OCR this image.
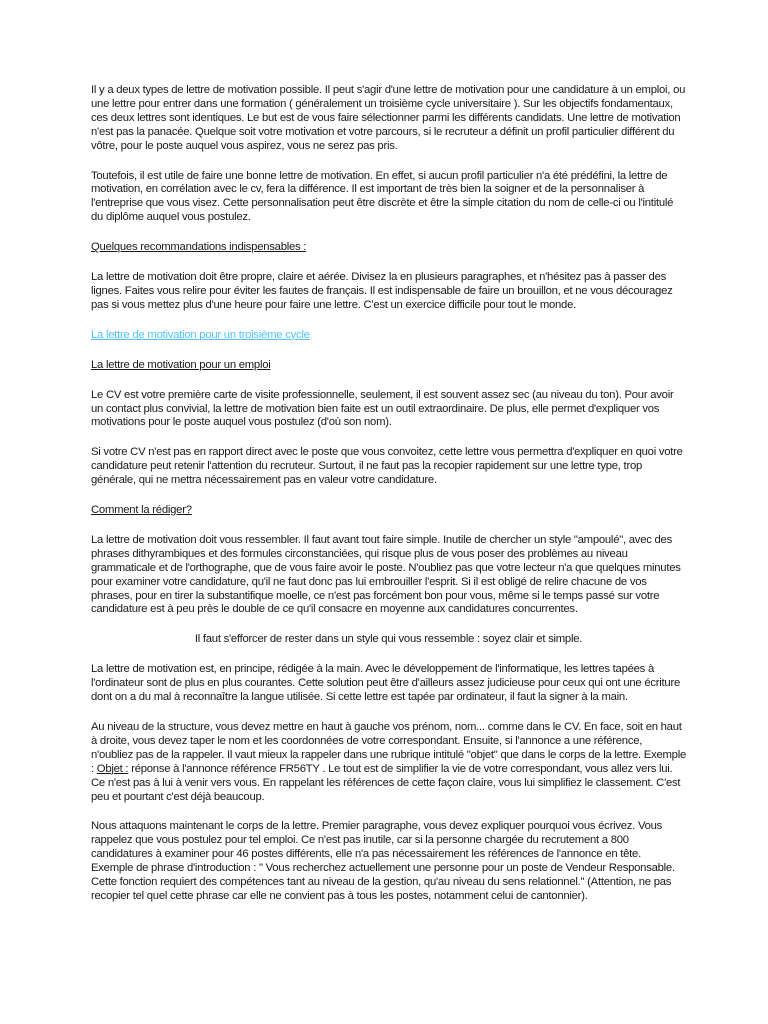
Il y a deux types de lettre de motivation possible. Il peut s'agir d'une lettre de motivation pour une candidature à un emploi, ou une lettre pour entrer dans une formation ( généralement un troisième cycle universitaire ). Sur les objectifs fondamentaux, ces deux lettres sont identiques. Le but est de vous faire sélectionner parmi les différents candidats. Une lettre de motivation n'est pas la panacée. Quelque soit votre motivation et votre parcours, si le recruteur a définit un profil particulier différent du vôtre, pour le poste auquel vous aspirez, vous ne serez pas pris.

Toutefois, il est utile de faire une bonne lettre de motivation. En effet, si aucun profil particulier n'a été prédéfini, la lettre de motivation, en corrélation avec le cv, fera la différence. Il est important de très bien la soigner et de la personnaliser à l'entreprise que vous visez. Cette personnalisation peut être discrète et être la simple citation du nom de celle-ci ou l'intitulé du diplôme auquel vous postulez.

Quelques recommandations indispensables :

La lettre de motivation doit être propre, claire et aérée. Divisez la en plusieurs paragraphes, et n'hésitez pas à passer des lignes. Faites vous relire pour éviter les fautes de français. Il est indispensable de faire un brouillon, et ne vous découragez pas si vous mettez plus d'une heure pour faire une lettre. C'est un exercice difficile pour tout le monde.

La lettre de motivation pour un troisième cycle

La lettre de motivation pour un emploi

Le CV est votre première carte de visite professionnelle, seulement, il est souvent assez sec (au niveau du ton). Pour avoir un contact plus convivial, la lettre de motivation bien faite est un outil extraordinaire. De plus, elle permet d'expliquer vos motivations pour le poste auquel vous postulez (d'où son nom).

Si votre CV n'est pas en rapport direct avec le poste que vous convoitez, cette lettre vous permettra d'expliquer en quoi votre candidature peut retenir l'attention du recruteur. Surtout, il ne faut pas la recopier rapidement sur une lettre type, trop générale, qui ne mettra nécessairement pas en valeur votre candidature.

Comment la rédiger?

La lettre de motivation doit vous ressembler. Il faut avant tout faire simple. Inutile de chercher un style "ampoulé", avec des phrases dithyrambiques et des formules circonstanciées, qui risque plus de vous poser des problèmes au niveau grammaticale et de l'orthographe, que de vous faire avoir le poste. N'oubliez pas que votre lecteur n'a que quelques minutes pour examiner votre candidature, qu'il ne faut donc pas lui embrouiller l'esprit. Si il est obligé de relire chacune de vos phrases, pour en tirer la substantifique moelle, ce n'est pas forcément bon pour vous, même si le temps passé sur votre candidature est à peu près le double de ce qu'il consacre en moyenne aux candidatures concurrentes.

Il faut s'efforcer de rester dans un style qui vous ressemble : soyez clair et simple.

La lettre de motivation est, en principe, rédigée à la main. Avec le développement de l'informatique, les lettres tapées à l'ordinateur sont de plus en plus courantes. Cette solution peut être d'ailleurs assez judicieuse pour ceux qui ont une écriture dont on a du mal à reconnaître la langue utilisée. Si cette lettre est tapée par ordinateur, il faut la signer à la main.

Au niveau de la structure, vous devez mettre en haut à gauche vos prénom, nom... comme dans le CV. En face, soit en haut à droite, vous devez taper le nom et les coordonnées de votre correspondant. Ensuite, si l'annonce a une référence, n'oubliez pas de la rappeler. Il vaut mieux la rappeler dans une rubrique intitulé "objet" que dans le corps de la lettre. Exemple : Objet : réponse à l'annonce référence FR56TY . Le tout est de simplifier la vie de votre correspondant, vous allez vers lui. Ce n'est pas à lui à venir vers vous. En rappelant les références de cette façon claire, vous lui simplifiez le classement. C'est peu et pourtant c'est déjà beaucoup.

Nous attaquons maintenant le corps de la lettre. Premier paragraphe, vous devez expliquer pourquoi vous écrivez. Vous rappelez que vous postulez pour tel emploi. Ce n'est pas inutile, car si la personne chargée du recrutement a 800 candidatures à examiner pour 46 postes différents, elle n'a pas nécessairement les références de l'annonce en tête. Exemple de phrase d'introduction : " Vous recherchez actuellement une personne pour un poste de Vendeur Responsable. Cette fonction requiert des compétences tant au niveau de la gestion, qu'au niveau du sens relationnel." (Attention, ne pas recopier tel quel cette phrase car elle ne convient pas à tous les postes, notamment celui de cantonnier).
